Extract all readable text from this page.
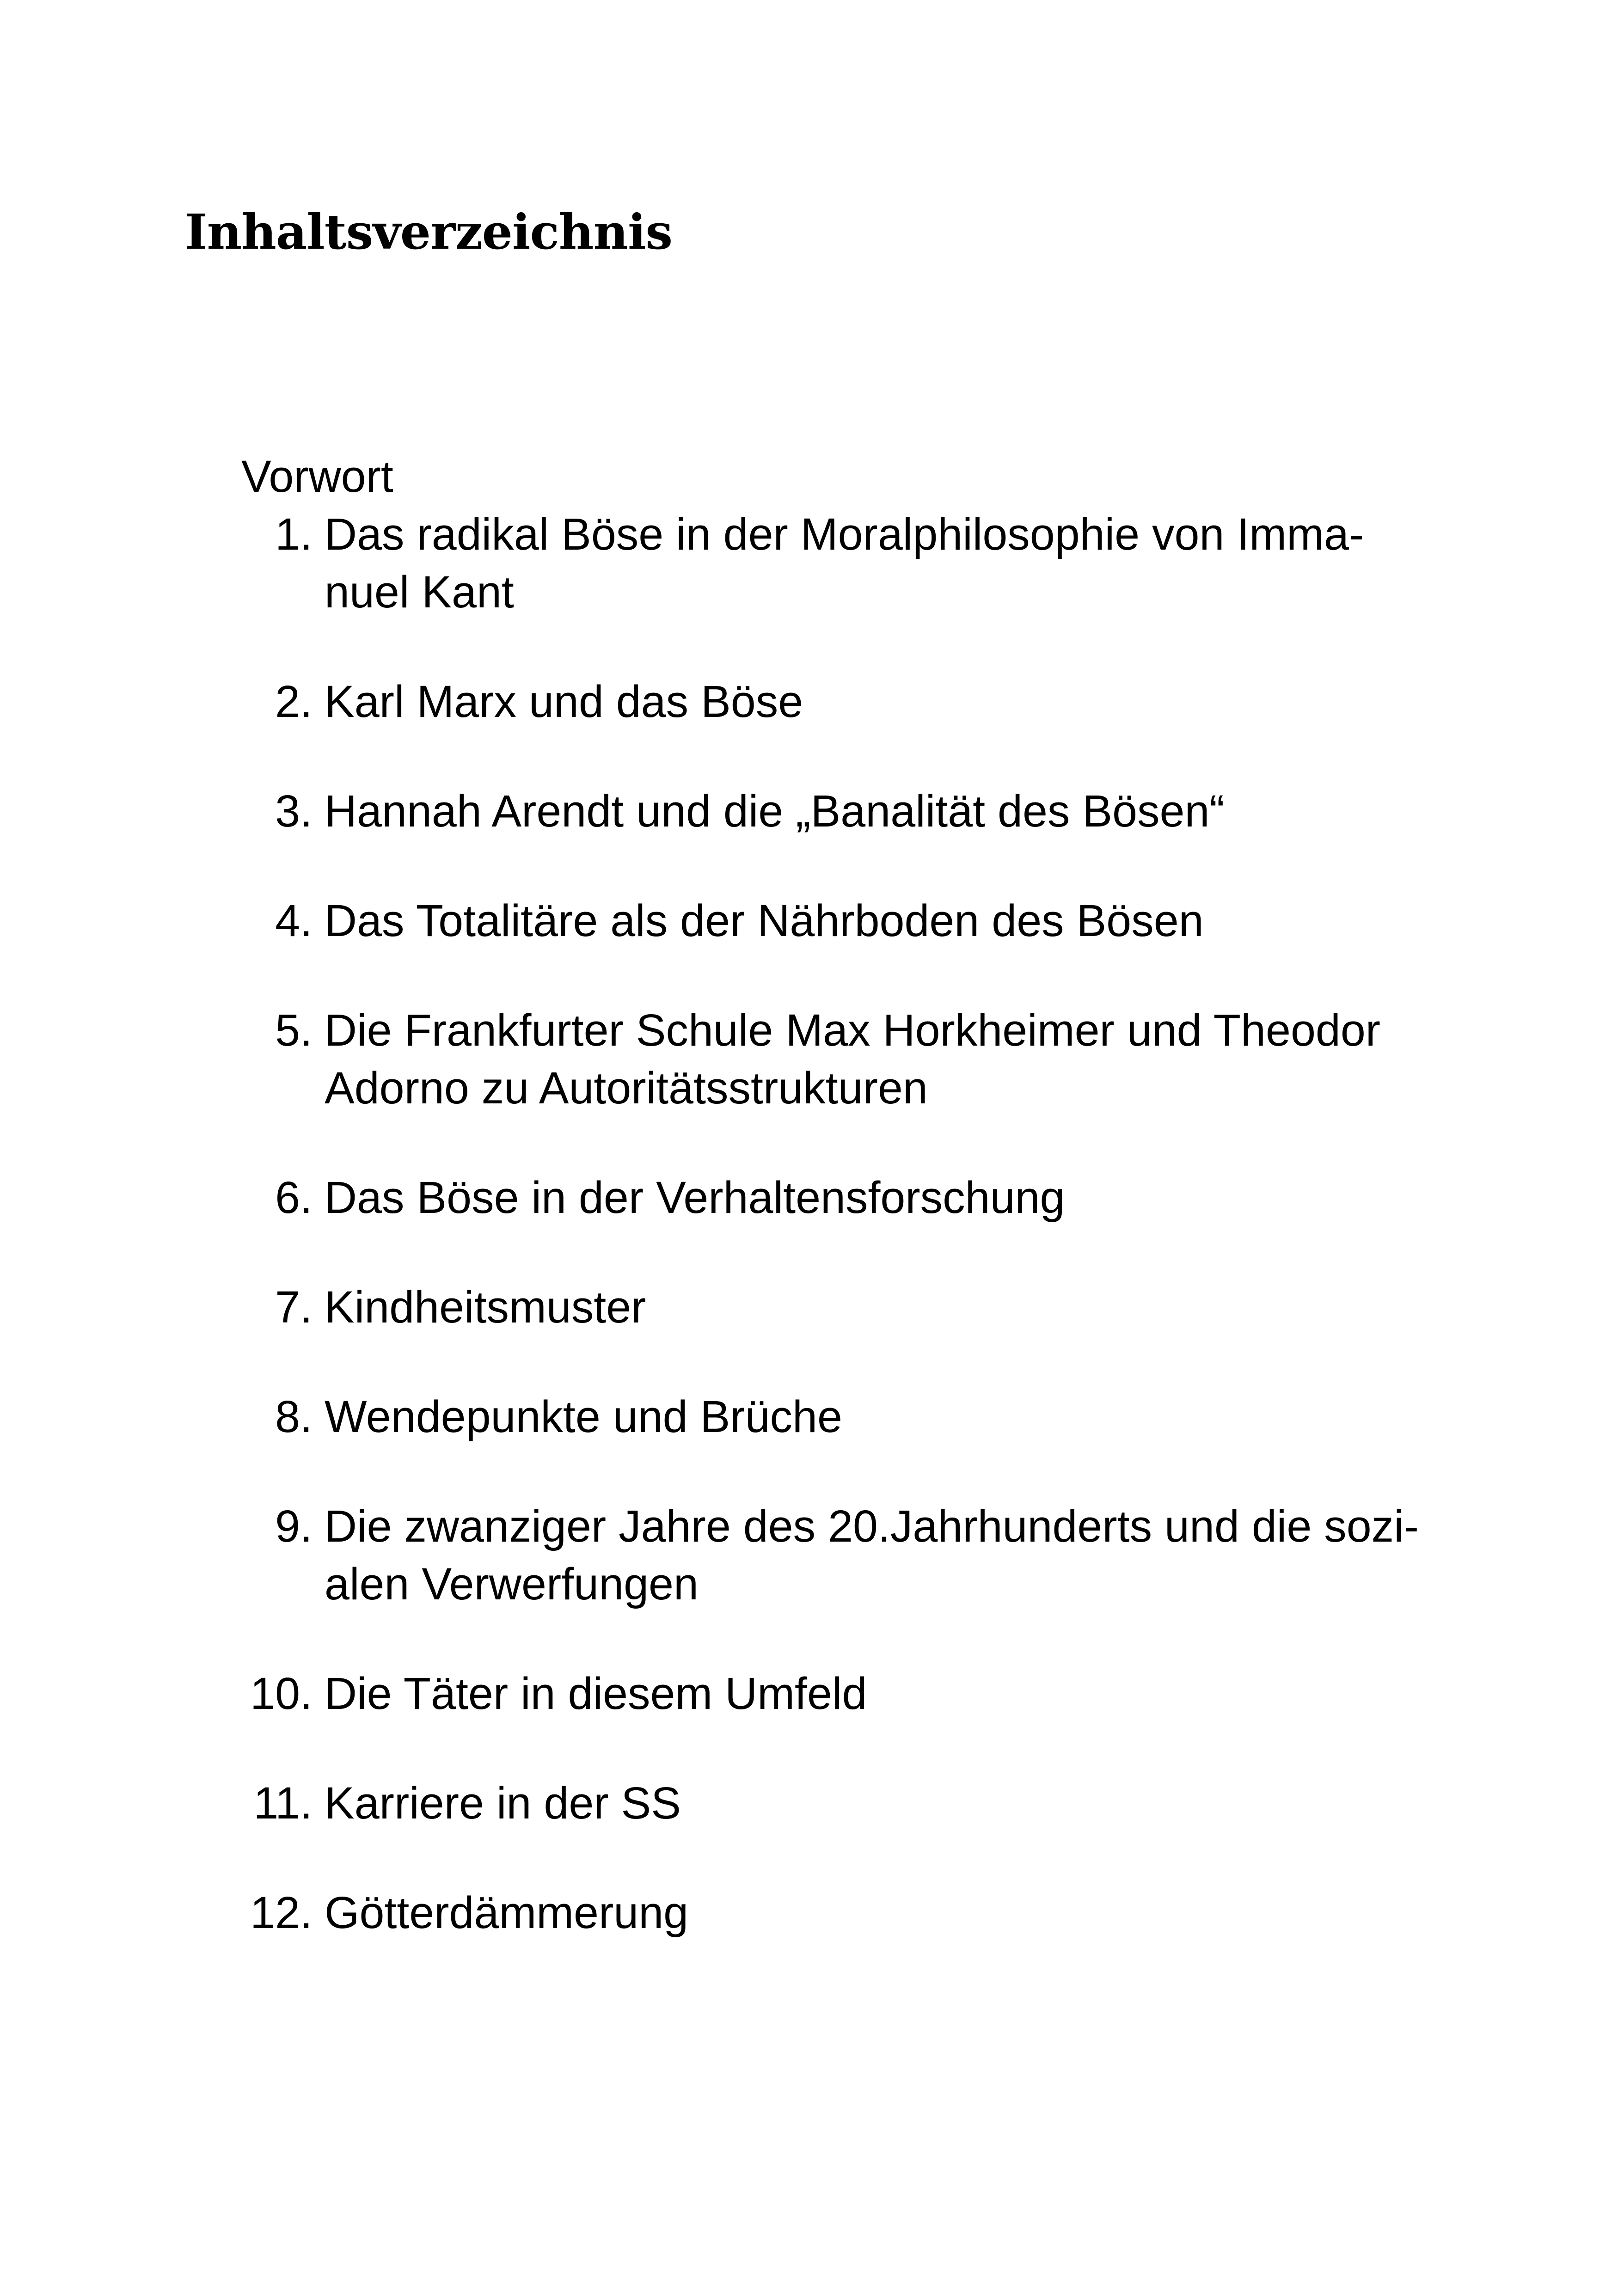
Inhaltsverzeichnis
Vorwort
1. Das radikal Böse in der Moralphilosophie von Imma-
nuel Kant
2. Karl Marx und das Böse
3. Hannah Arendt und die „Banalität des Bösen“
4. Das Totalitäre als der Nährboden des Bösen
5. Die Frankfurter Schule Max Horkheimer und Theodor
Adorno zu Autoritätsstrukturen
6. Das Böse in der Verhaltensforschung
7. Kindheitsmuster
8. Wendepunkte und Brüche
9. Die zwanziger Jahre des 20.Jahrhunderts und die sozi-
alen Verwerfungen
10. Die Täter in diesem Umfeld
11. Karriere in der SS
12. Götterdämmerung
